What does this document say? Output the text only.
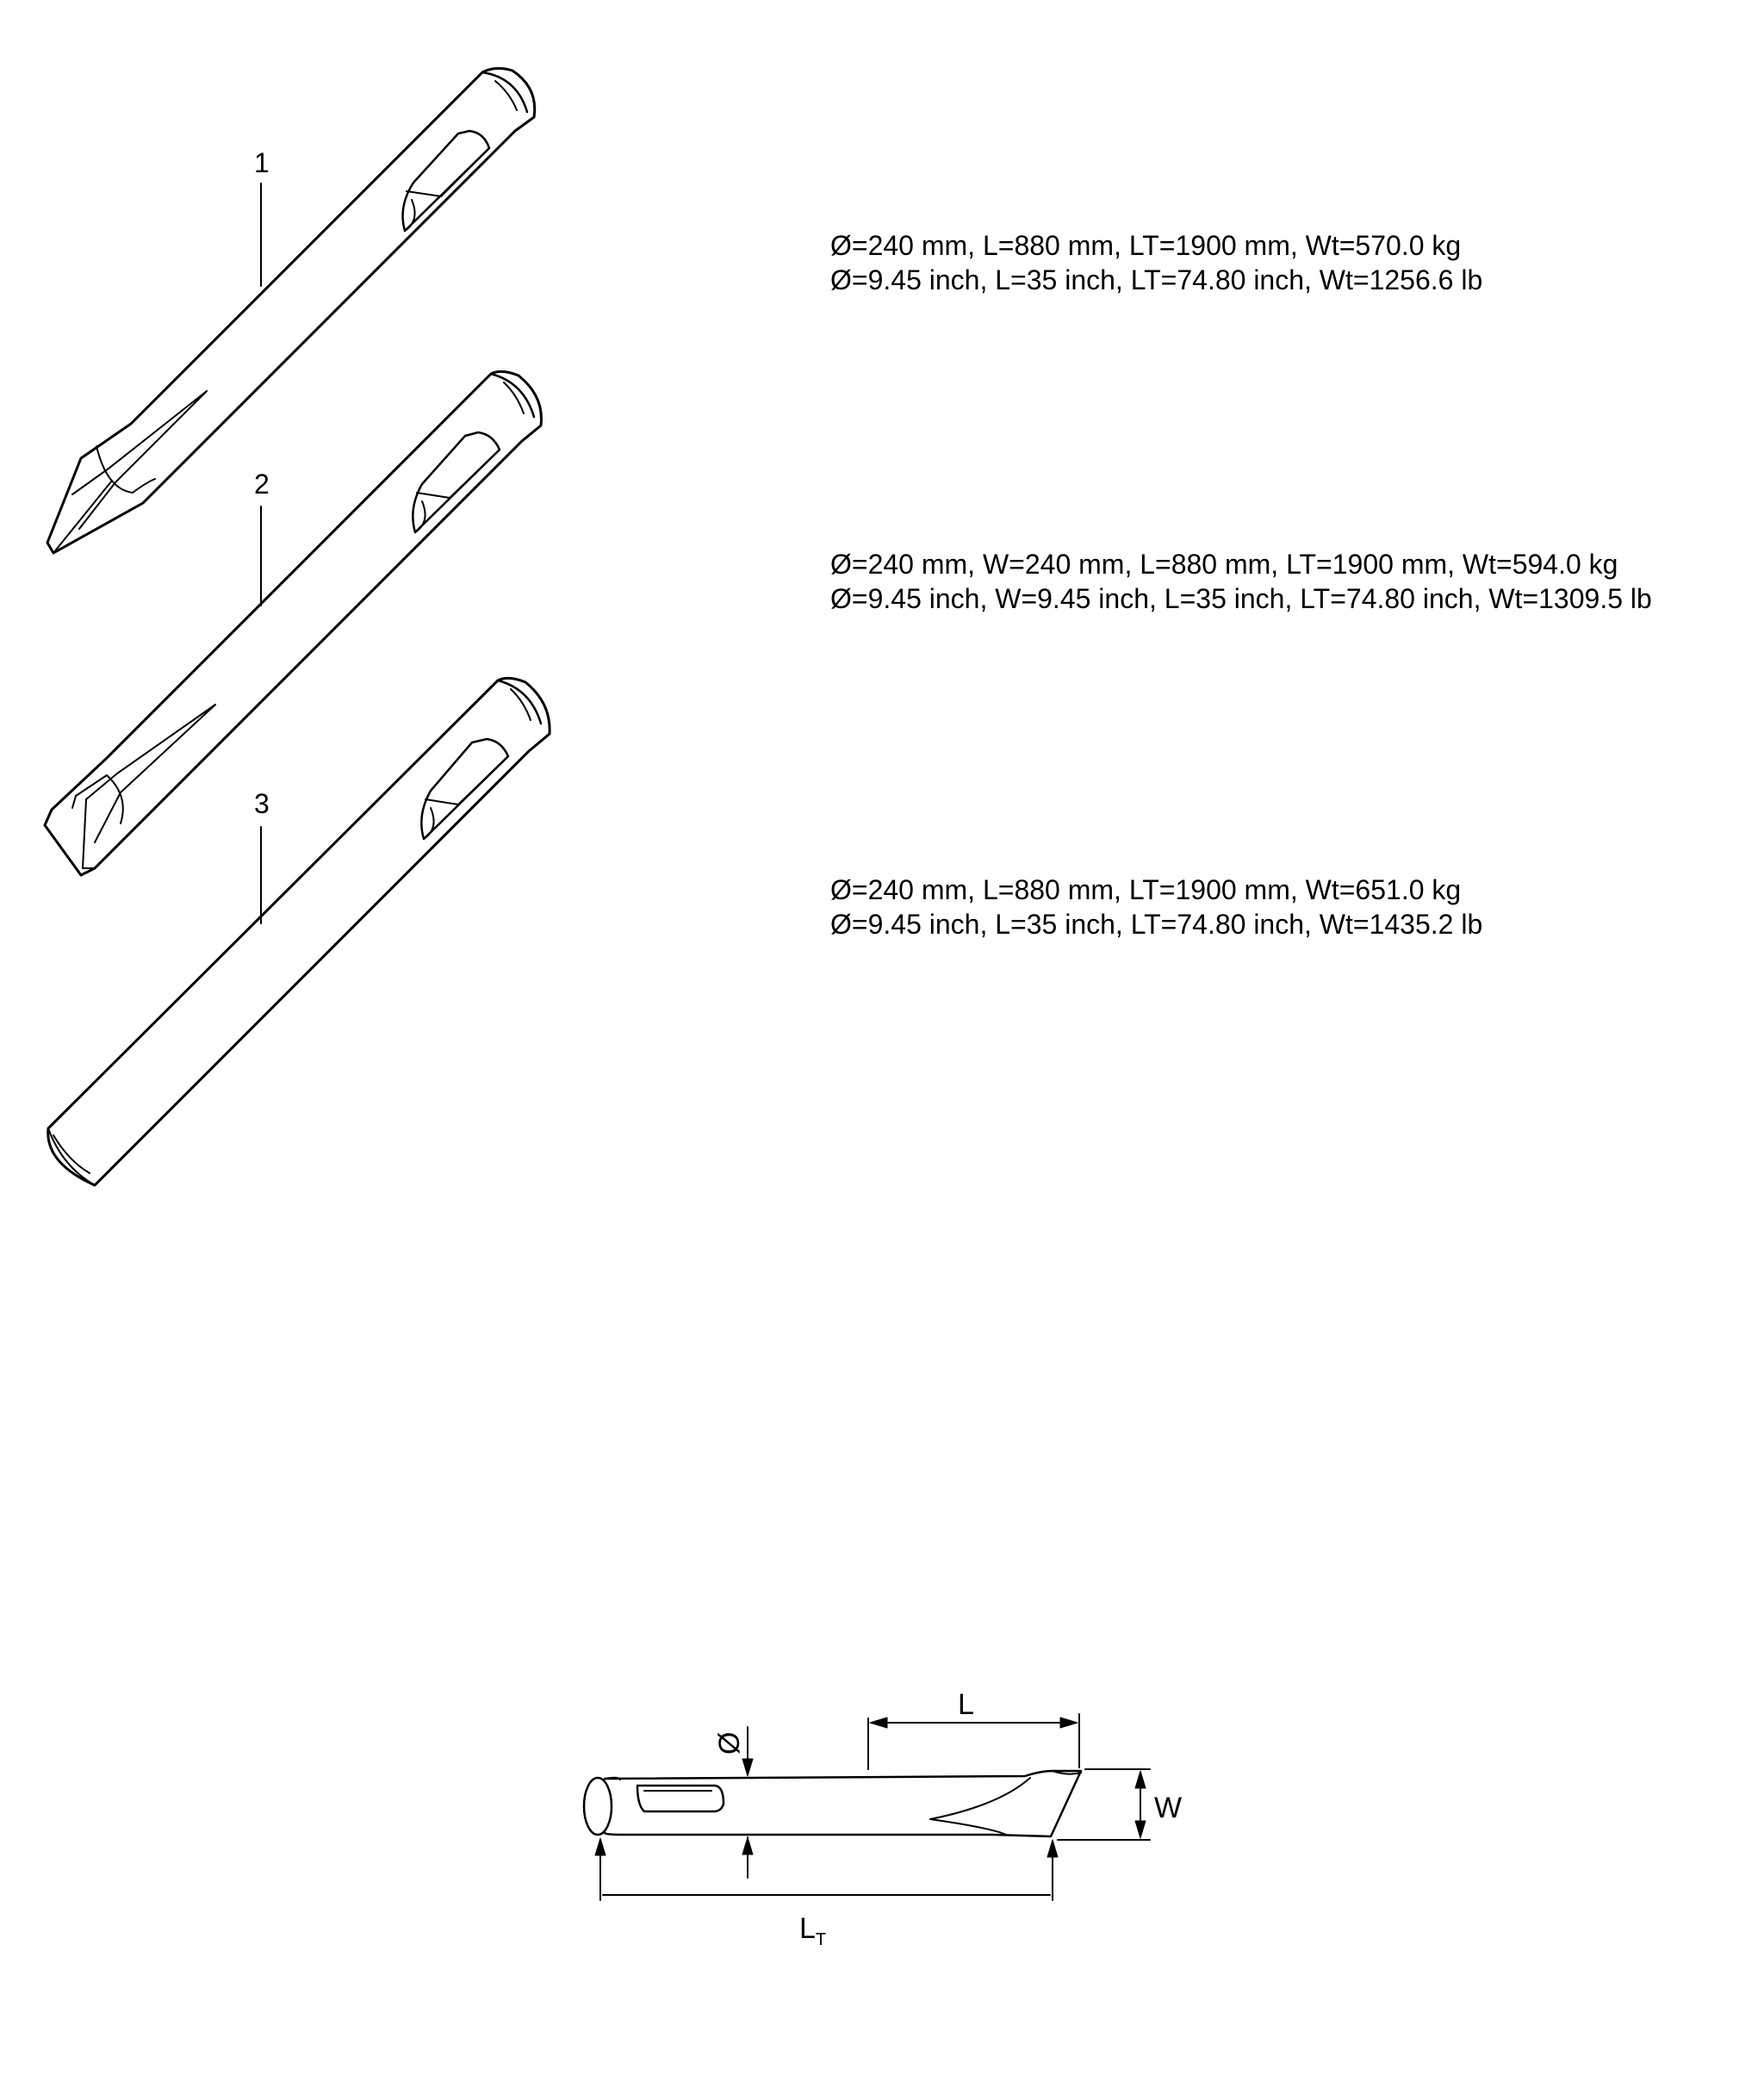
1
2
3
L
Ø
W
$L_T$
Ø=240 mm, L=880 mm, LT=1900 mm, Wt=570.0 kg
Ø=9.45 inch, L=35 inch, LT=74.80 inch, Wt=1256.6 lb
Ø=240 mm, W=240 mm, L=880 mm, LT=1900 mm, Wt=594.0 kg
Ø=9.45 inch, W=9.45 inch, L=35 inch, LT=74.80 inch, Wt=1309.5 lb
Ø=240 mm, L=880 mm, LT=1900 mm, Wt=651.0 kg
Ø=9.45 inch, L=35 inch, LT=74.80 inch, Wt=1435.2 lb
